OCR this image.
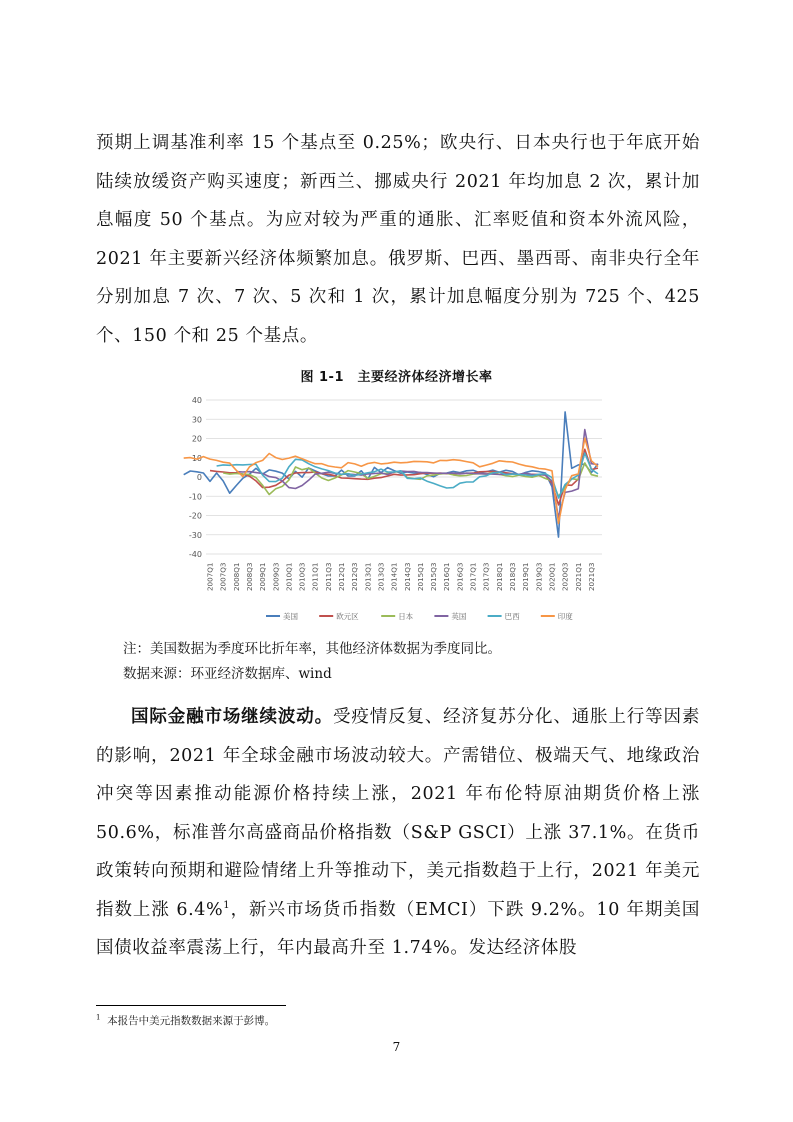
预期上调基准利率 15 个基点至 0.25%；欧央行、日本央行也于年底开始陆续放缓资产购买速度；新西兰、挪威央行 2021 年均加息 2 次，累计加息幅度 50 个基点。为应对较为严重的通胀、汇率贬值和资本外流风险，2021 年主要新兴经济体频繁加息。俄罗斯、巴西、墨西哥、南非央行全年分别加息 7 次、7 次、5 次和 1 次，累计加息幅度分别为 725 个、425 个、150 个和 25 个基点。

图 1-1　主要经济体经济增长率
40
30
20
10
0
-10
-20
-30
-40
2007Q1 2007Q3 2008Q1 2008Q3 2009Q1 2009Q3 2010Q1 2010Q3 2011Q1 2011Q3 2012Q1 2012Q3 2013Q1 2013Q3 2014Q1 2014Q3 2015Q1 2015Q3 2016Q1 2016Q3 2017Q1 2017Q3 2018Q1 2018Q3 2019Q1 2019Q3 2020Q1 2020Q3 2021Q1 2021Q3
美国	欧元区	日本	英国	巴西	印度
注：美国数据为季度环比折年率，其他经济体数据为季度同比。
数据来源：环亚经济数据库、wind

国际金融市场继续波动。受疫情反复、经济复苏分化、通胀上行等因素的影响，2021 年全球金融市场波动较大。产需错位、极端天气、地缘政治冲突等因素推动能源价格持续上涨，2021 年布伦特原油期货价格上涨 50.6%，标准普尔高盛商品价格指数（S&P GSCI）上涨 37.1%。在货币政策转向预期和避险情绪上升等推动下，美元指数趋于上行，2021 年美元指数上涨 6.4%$^1$，新兴市场货币指数（EMCI）下跌 9.2%。10 年期美国国债收益率震荡上行，年内最高升至 1.74%。发达经济体股

$^1$ 本报告中美元指数数据来源于彭博。
7
